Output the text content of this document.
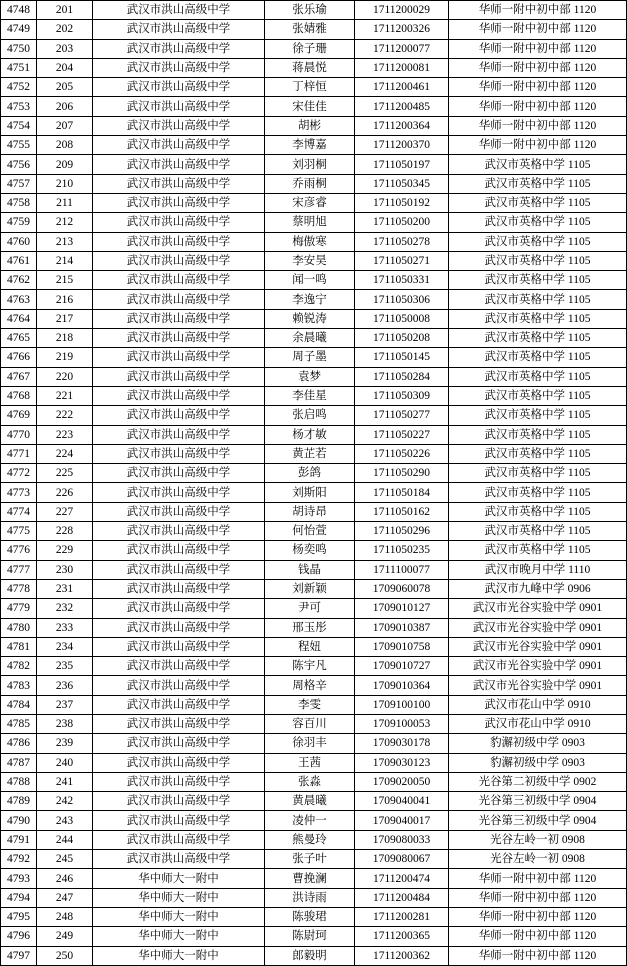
4748	201	武汉市洪山高级中学	张乐瑜	1711200029	华师一附中初中部 1120
4749	202	武汉市洪山高级中学	张婧雅	1711200326	华师一附中初中部 1120
4750	203	武汉市洪山高级中学	徐子珊	1711200077	华师一附中初中部 1120
4751	204	武汉市洪山高级中学	蒋晨悦	1711200081	华师一附中初中部 1120
4752	205	武汉市洪山高级中学	丁梓恒	1711200461	华师一附中初中部 1120
4753	206	武汉市洪山高级中学	宋佳佳	1711200485	华师一附中初中部 1120
4754	207	武汉市洪山高级中学	胡彬	1711200364	华师一附中初中部 1120
4755	208	武汉市洪山高级中学	李博嘉	1711200370	华师一附中初中部 1120
4756	209	武汉市洪山高级中学	刘羽桐	1711050197	武汉市英格中学 1105
4757	210	武汉市洪山高级中学	乔雨桐	1711050345	武汉市英格中学 1105
4758	211	武汉市洪山高级中学	宋彦睿	1711050192	武汉市英格中学 1105
4759	212	武汉市洪山高级中学	蔡明旭	1711050200	武汉市英格中学 1105
4760	213	武汉市洪山高级中学	梅傲寒	1711050278	武汉市英格中学 1105
4761	214	武汉市洪山高级中学	李安昊	1711050271	武汉市英格中学 1105
4762	215	武汉市洪山高级中学	闻一鸣	1711050331	武汉市英格中学 1105
4763	216	武汉市洪山高级中学	李逸宁	1711050306	武汉市英格中学 1105
4764	217	武汉市洪山高级中学	赖锐涛	1711050008	武汉市英格中学 1105
4765	218	武汉市洪山高级中学	余晨曦	1711050208	武汉市英格中学 1105
4766	219	武汉市洪山高级中学	周子墨	1711050145	武汉市英格中学 1105
4767	220	武汉市洪山高级中学	袁梦	1711050284	武汉市英格中学 1105
4768	221	武汉市洪山高级中学	李佳星	1711050309	武汉市英格中学 1105
4769	222	武汉市洪山高级中学	张启鸣	1711050277	武汉市英格中学 1105
4770	223	武汉市洪山高级中学	杨才敏	1711050227	武汉市英格中学 1105
4771	224	武汉市洪山高级中学	黄芷若	1711050226	武汉市英格中学 1105
4772	225	武汉市洪山高级中学	彭鸽	1711050290	武汉市英格中学 1105
4773	226	武汉市洪山高级中学	刘斯阳	1711050184	武汉市英格中学 1105
4774	227	武汉市洪山高级中学	胡诗昂	1711050162	武汉市英格中学 1105
4775	228	武汉市洪山高级中学	何怡萱	1711050296	武汉市英格中学 1105
4776	229	武汉市洪山高级中学	杨奕鸣	1711050235	武汉市英格中学 1105
4777	230	武汉市洪山高级中学	钱晶	1711100077	武汉市晚月中学 1110
4778	231	武汉市洪山高级中学	刘新颖	1709060078	武汉市九峰中学 0906
4779	232	武汉市洪山高级中学	尹可	1709010127	武汉市光谷实验中学 0901
4780	233	武汉市洪山高级中学	邢玉彤	1709010387	武汉市光谷实验中学 0901
4781	234	武汉市洪山高级中学	程妞	1709010758	武汉市光谷实验中学 0901
4782	235	武汉市洪山高级中学	陈宇凡	1709010727	武汉市光谷实验中学 0901
4783	236	武汉市洪山高级中学	周格辛	1709010364	武汉市光谷实验中学 0901
4784	237	武汉市洪山高级中学	李雯	1709100100	武汉市花山中学 0910
4785	238	武汉市洪山高级中学	容百川	1709100053	武汉市花山中学 0910
4786	239	武汉市洪山高级中学	徐羽丰	1709030178	豹澥初级中学 0903
4787	240	武汉市洪山高级中学	王茜	1709030123	豹澥初级中学 0903
4788	241	武汉市洪山高级中学	张淼	1709020050	光谷第二初级中学 0902
4789	242	武汉市洪山高级中学	黄晨曦	1709040041	光谷第三初级中学 0904
4790	243	武汉市洪山高级中学	凌仲一	1709040017	光谷第三初级中学 0904
4791	244	武汉市洪山高级中学	熊曼玲	1709080033	光谷左岭一初 0908
4792	245	武汉市洪山高级中学	张子叶	1709080067	光谷左岭一初 0908
4793	246	华中师大一附中	曹挽澜	1711200474	华师一附中初中部 1120
4794	247	华中师大一附中	洪诗雨	1711200484	华师一附中初中部 1120
4795	248	华中师大一附中	陈骏珺	1711200281	华师一附中初中部 1120
4796	249	华中师大一附中	陈尉珂	1711200365	华师一附中初中部 1120
4797	250	华中师大一附中	郎毅明	1711200362	华师一附中初中部 1120
